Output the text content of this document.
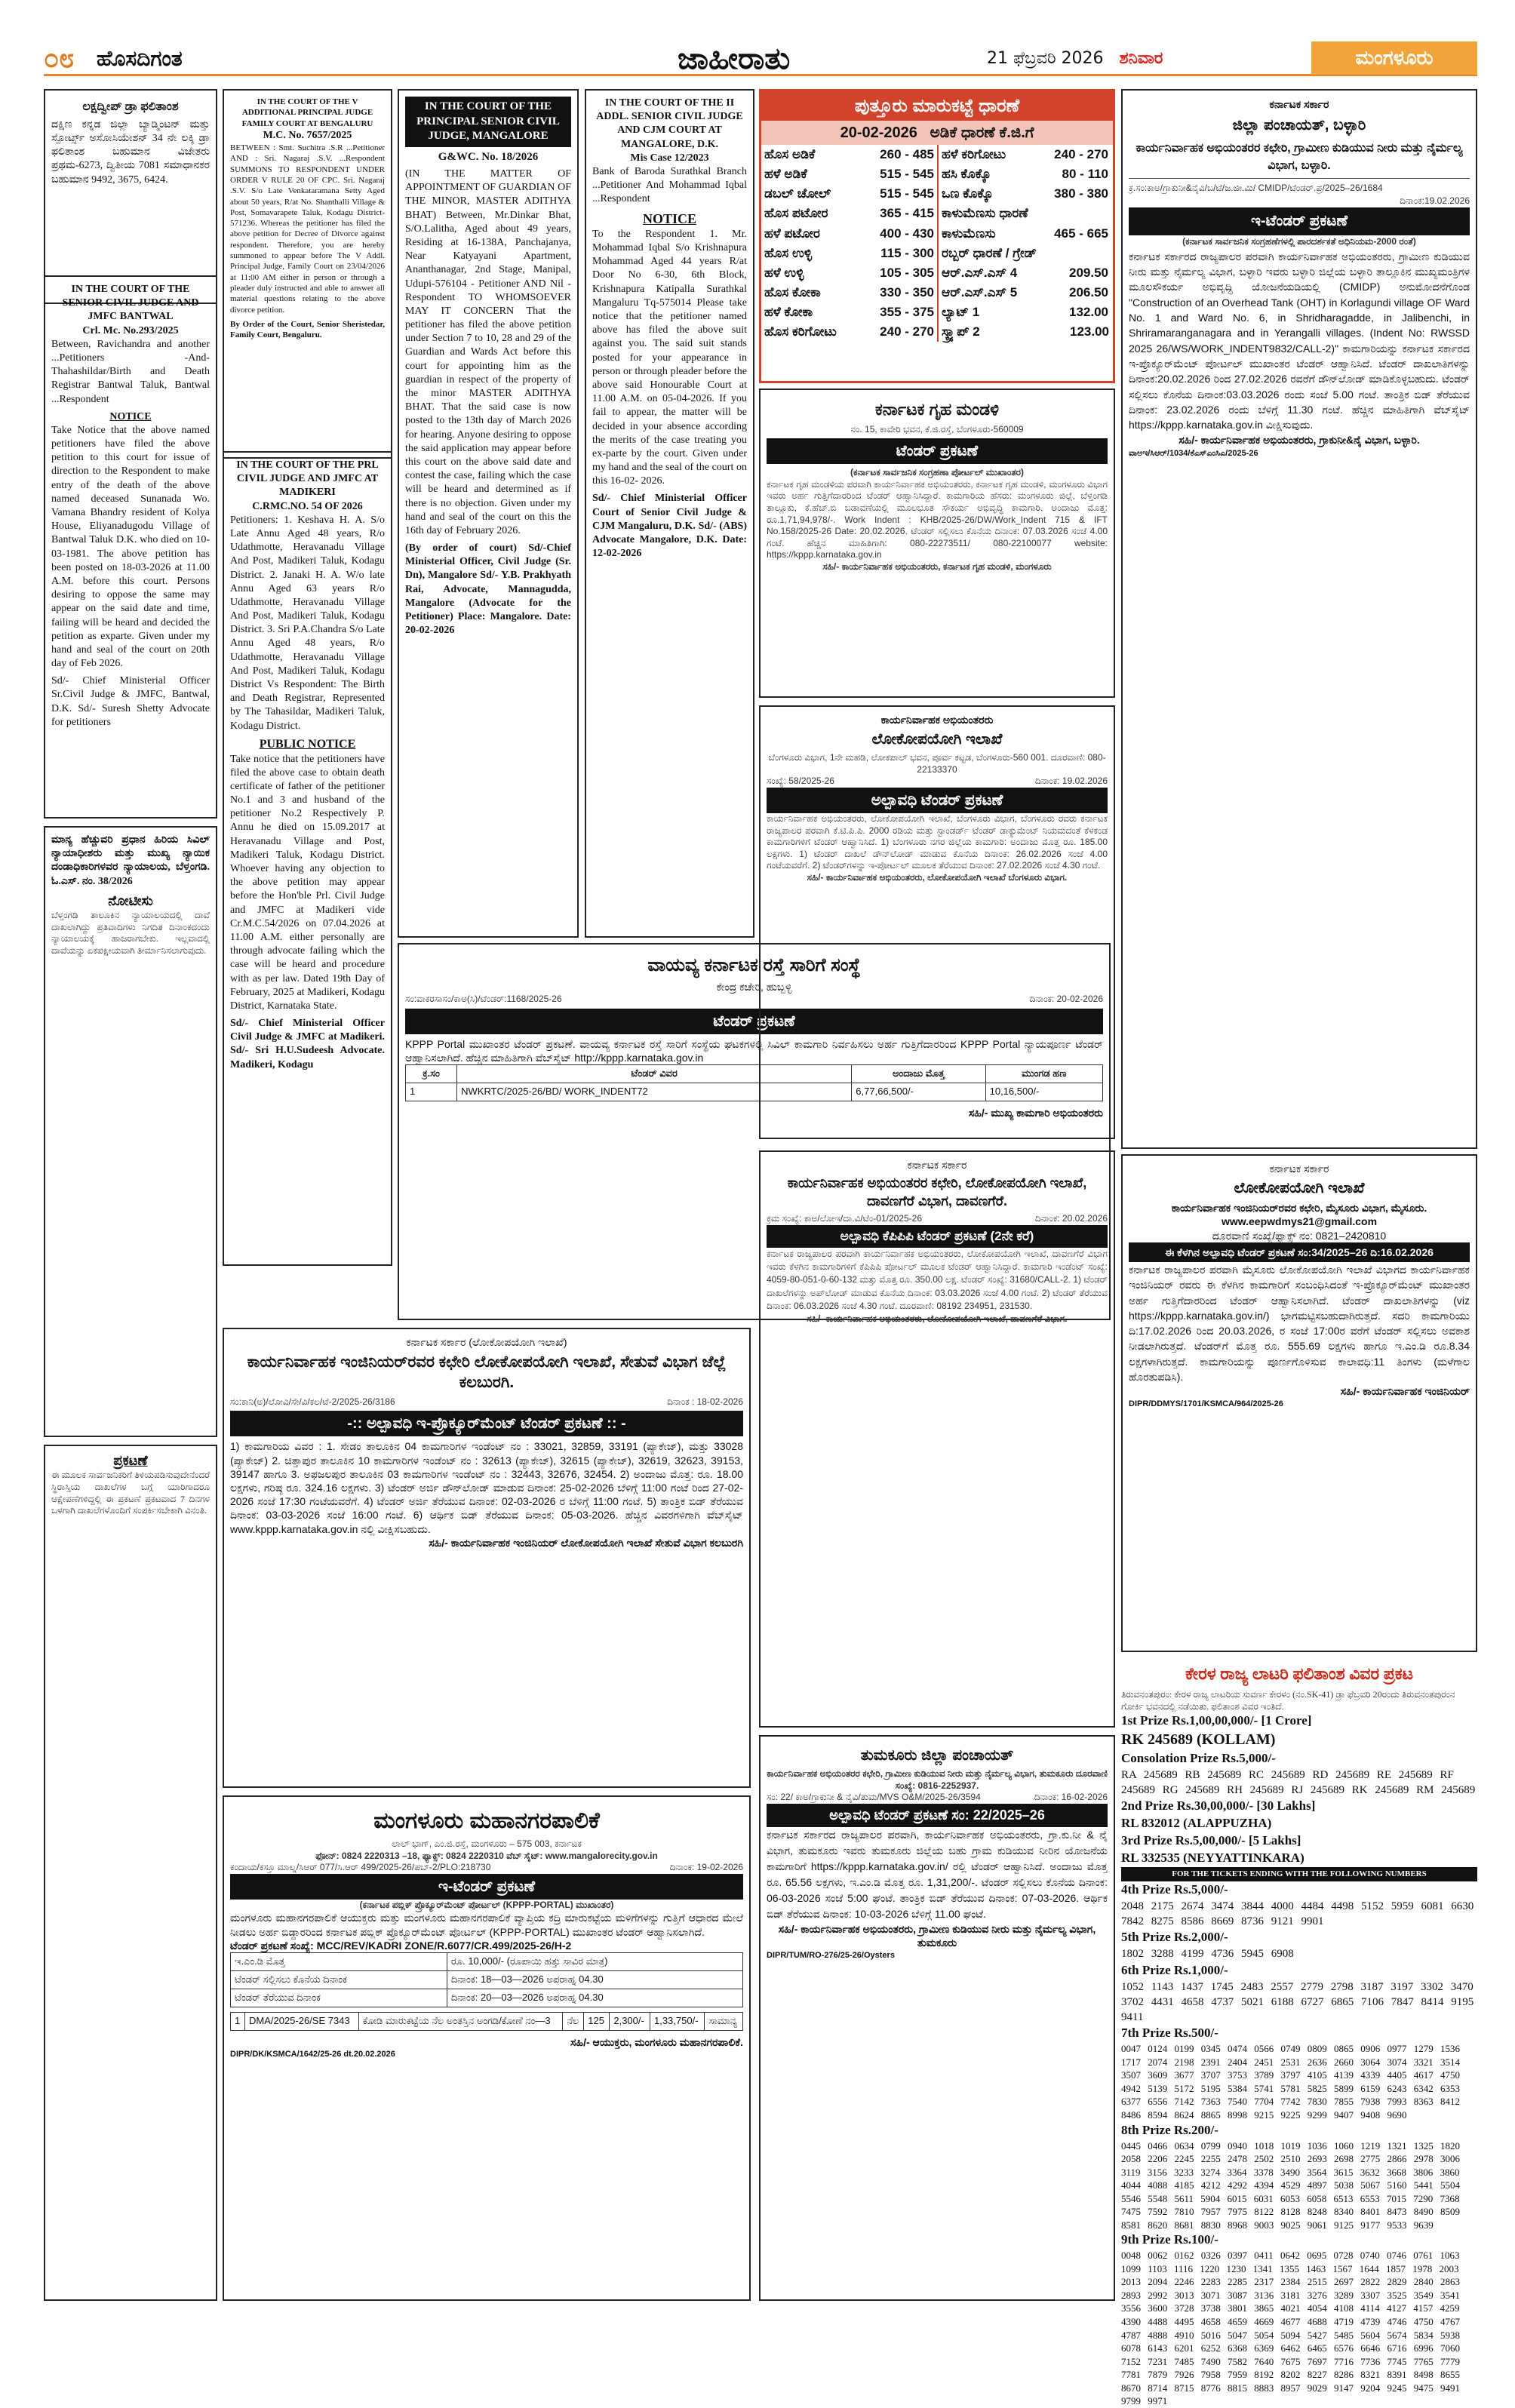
೦೮ ಹೊಸದಿಗಂತ	ಜಾಹೀರಾತು	21 ಫೆಬ್ರವರಿ 2026 ಶನಿವಾರ	ಮಂಗಳೂರು
ಲಕ್ಷದ್ವೀಪ್ ಡ್ರಾ ಫಲಿತಾಂಶ

ದಕ್ಷಿಣ ಕನ್ನಡ ಜಿಲ್ಲಾ ಬ್ಯಾಡ್ಮಿಂಟನ್ ಮತ್ತು ಸ್ಪೋರ್ಟ್ಸ್ ಅಸೋಸಿಯೇಶನ್ 34 ನೇ ಲಕ್ಕಿ ಡ್ರಾ ಫಲಿತಾಂಶ ಬಹುಮಾನ ವಿಜೇತರು ಪ್ರಥಮ-6273, ದ್ವಿತೀಯ 7081 ಸಮಾಧಾನಕರ ಬಹುಮಾನ 9492, 3675, 6424.

IN THE COURT OF THE SENIOR CIVIL JUDGE AND JMFC BANTWAL
Crl. Mc. No.293/2025

Between, Ravichandra and another ...Petitioners -And- Thahashildar/Birth and Death Registrar Bantwal Taluk, Bantwal ...Respondent

NOTICE

Take Notice that the above named petitioners have filed the above petition to this court for issue of direction to the Respondent to make entry of the death of the above named deceased Sunanada Wo. Vamana Bhandry resident of Kolya House, Eliyanadugodu Village of Bantwal Taluk D.K. who died on 10-03-1981. The above petition has been posted on 18-03-2026 at 11.00 A.M. before this court. Persons desiring to oppose the same may appear on the said date and time, failing will be heard and decided the petition as exparte. Given under my hand and seal of the court on 20th day of Feb 2026.

Sd/- Chief Ministerial Officer Sr.Civil Judge & JMFC, Bantwal, D.K. Sd/- Suresh Shetty Advocate for petitioners

ಮಾನ್ಯ ಹೆಚ್ಚುವರಿ ಪ್ರಧಾನ ಹಿರಿಯ ಸಿವಿಲ್ ನ್ಯಾಯಾಧೀಶರು ಮತ್ತು ಮುಖ್ಯ ನ್ಯಾಯಿಕ ದಂಡಾಧಿಕಾರಿಗಳವರ ನ್ಯಾಯಾಲಯ, ಬೆಳ್ತಂಗಡಿ. ಓ.ಎಸ್. ನಂ. 38/2026

ನೋಟೀಸು

ಬೆಳ್ತಂಗಡಿ ತಾಲೂಕಿನ ನ್ಯಾಯಾಲಯದಲ್ಲಿ ದಾವೆ ದಾಖಲಾಗಿದ್ದು ಪ್ರತಿವಾದಿಗಳು ನಿಗದಿತ ದಿನಾಂಕದಂದು ನ್ಯಾಯಾಲಯಕ್ಕೆ ಹಾಜರಾಗಬೇಕು. ಇಲ್ಲವಾದಲ್ಲಿ ದಾವೆಯನ್ನು ಏಕಪಕ್ಷೀಯವಾಗಿ ತೀರ್ಮಾನಿಸಲಾಗುವುದು.

ಪ್ರಕಟಣೆ

ಈ ಮೂಲಕ ಸಾರ್ವಜನಿಕರಿಗೆ ತಿಳಿಯಪಡಿಸುವುದೇನೆಂದರೆ ಸ್ಥಿರಾಸ್ತಿಯ ದಾಖಲೆಗಳ ಬಗ್ಗೆ ಯಾರಿಗಾದರೂ ಆಕ್ಷೇಪಣೆಗಳಿದ್ದಲ್ಲಿ ಈ ಪ್ರಕಟಣೆ ಪ್ರಕಟವಾದ 7 ದಿನಗಳ ಒಳಗಾಗಿ ದಾಖಲೆಗಳೊಂದಿಗೆ ಸಂಪರ್ಕಿಸಬೇಕಾಗಿ ವಿನಂತಿ.

IN THE COURT OF THE V ADDITIONAL PRINCIPAL JUDGE FAMILY COURT AT BENGALURU
M.C. No. 7657/2025

BETWEEN : Smt. Suchitra .S.R ...Petitioner AND : Sri. Nagaraj .S.V. ...Respondent SUMMONS TO RESPONDENT UNDER ORDER V RULE 20 OF CPC. Sri. Nagaraj .S.V. S/o Late Venkataramana Setty Aged about 50 years, R/at No. Shanthalli Village & Post, Somavarapete Taluk, Kodagu District-571236. Whereas the petitioner has filed the above petition for Decree of Divorce against respondent. Therefore, you are hereby summoned to appear before The V Addl. Principal Judge, Family Court on 23/04/2026 at 11:00 AM either in person or through a pleader duly instructed and able to answer all material questions relating to the above divorce petition.

By Order of the Court, Senior Sheristedar, Family Court, Bengaluru.

IN THE COURT OF THE PRL CIVIL JUDGE AND JMFC AT MADIKERI
C.RMC.NO. 54 OF 2026

Petitioners: 1. Keshava H. A. S/o Late Annu Aged 48 years, R/o Udathmotte, Heravanadu Village And Post, Madikeri Taluk, Kodagu District. 2. Janaki H. A. W/o late Annu Aged 63 years R/o Udathmotte, Heravanadu Village And Post, Madikeri Taluk, Kodagu District. 3. Sri P.A.Chandra S/o Late Annu Aged 48 years, R/o Udathmotte, Heravanadu Village And Post, Madikeri Taluk, Kodagu District Vs Respondent: The Birth and Death Registrar, Represented by The Tahasildar, Madikeri Taluk, Kodagu District.

PUBLIC NOTICE

Take notice that the petitioners have filed the above case to obtain death certificate of father of the petitioner No.1 and 3 and husband of the petitioner No.2 Respectively P. Annu he died on 15.09.2017 at Heravanadu Village and Post, Madikeri Taluk, Kodagu District. Whoever having any objection to the above petition may appear before the Hon'ble Prl. Civil Judge and JMFC at Madikeri vide Cr.M.C.54/2026 on 07.04.2026 at 11.00 A.M. either personally are through advocate failing which the case will be heard and procedure with as per law. Dated 19th Day of February, 2025 at Madikeri, Kodagu District, Karnataka State.

Sd/- Chief Ministerial Officer Civil Judge & JMFC at Madikeri. Sd/- Sri H.U.Sudeesh Advocate. Madikeri, Kodagu

IN THE COURT OF THE PRINCIPAL SENIOR CIVIL JUDGE, MANGALORE
G&WC. No. 18/2026

(IN THE MATTER OF APPOINTMENT OF GUARDIAN OF THE MINOR, MASTER ADITHYA BHAT) Between, Mr.Dinkar Bhat, S/O.Lalitha, Aged about 49 years, Residing at 16-138A, Panchajanya, Near Katyayani Apartment, Ananthanagar, 2nd Stage, Manipal, Udupi-576104 - Petitioner AND Nil - Respondent TO WHOMSOEVER MAY IT CONCERN That the petitioner has filed the above petition under Section 7 to 10, 28 and 29 of the Guardian and Wards Act before this court for appointing him as the guardian in respect of the property of the minor MASTER ADITHYA BHAT. That the said case is now posted to the 13th day of March 2026 for hearing. Anyone desiring to oppose the said application may appear before this court on the above said date and contest the case, failing which the case will be heard and determined as if there is no objection. Given under my hand and seal of the court on this the 16th day of February 2026.

(By order of court) Sd/-Chief Ministerial Officer, Civil Judge (Sr. Dn), Mangalore Sd/- Y.B. Prakhyath Rai, Advocate, Mannagudda, Mangalore (Advocate for the Petitioner) Place: Mangalore. Date: 20-02-2026

IN THE COURT OF THE II ADDL. SENIOR CIVIL JUDGE AND CJM COURT AT MANGALORE, D.K.
Mis Case 12/2023

Bank of Baroda Surathkal Branch ...Petitioner And Mohammad Iqbal ...Respondent

NOTICE

To the Respondent 1. Mr. Mohammad Iqbal S/o Krishnapura Mohammad Aged 44 years R/at Door No 6-30, 6th Block, Krishnapura Katipalla Surathkal Mangaluru Tq-575014 Please take notice that the petitioner named above has filed the above suit against you. The said suit stands posted for your appearance in person or through pleader before the above said Honourable Court at 11.00 A.M. on 05-04-2026. If you fail to appear, the matter will be decided in your absence according the merits of the case treating you ex-parte by the court. Given under my hand and the seal of the court on this 16-02- 2026.

Sd/- Chief Ministerial Officer Court of Senior Civil Judge & CJM Mangaluru, D.K. Sd/- (ABS) Advocate Mangalore, D.K. Date: 12-02-2026

ಪುತ್ತೂರು ಮಾರುಕಟ್ಟೆ ಧಾರಣೆ
20-02-2026 ಅಡಿಕೆ ಧಾರಣೆ ಕೆ.ಜಿ.ಗೆ
ಹೊಸ ಅಡಿಕೆ	260 - 485
ಹಳೆ ಅಡಿಕೆ	515 - 545
ಡಬಲ್ ಚೋಲ್	515 - 545
ಹೊಸ ಪಟೋರ	365 - 415
ಹಳೆ ಪಟೋರ	400 - 430
ಹೊಸ ಉಳ್ಳಿ	115 - 300
ಹಳೆ ಉಳ್ಳಿ	105 - 305
ಹೊಸ ಕೋಕಾ	330 - 350
ಹಳೆ ಕೋಕಾ	355 - 375
ಹೊಸ ಕರಿಗೋಟು	240 - 270
ಹಳೆ ಕರಿಗೋಟು	240 - 270
ಹಸಿ ಕೊಕ್ಕೊ	80 - 110
ಒಣ ಕೊಕ್ಕೊ	380 - 380
ಕಾಳುಮೆಣಸು ಧಾರಣೆ	
ಕಾಳುಮೆಣಸು	465 - 665
ರಬ್ಬರ್ ಧಾರಣೆ / ಗ್ರೇಡ್	
ಆರ್.ಎಸ್.ಎಸ್ 4	209.50
ಆರ್.ಎಸ್.ಎಸ್ 5	206.50
ಲ್ಯಾಟ್ 1	132.00
ಸ್ಕ್ರ್ಯಾಪ್ 2	123.00
ಕರ್ನಾಟಕ ಗೃಹ ಮಂಡಳಿ
ನಂ. 15, ಕಾವೇರಿ ಭವನ, ಕೆ.ಜಿ.ರಸ್ತೆ, ಬೆಂಗಳೂರು-560009
ಟೆಂಡರ್ ಪ್ರಕಟಣೆ
(ಕರ್ನಾಟಕ ಸಾರ್ವಜನಿಕ ಸಂಗ್ರಹಣಾ ಪೋರ್ಟಲ್ ಮುಖಾಂತರ)

ಕರ್ನಾಟಕ ಗೃಹ ಮಂಡಳಿಯ ಪರವಾಗಿ ಕಾರ್ಯನಿರ್ವಾಹಕ ಅಭಿಯಂತರರು, ಕರ್ನಾಟಕ ಗೃಹ ಮಂಡಳಿ, ಮಂಗಳೂರು ವಿಭಾಗ ಇವರು ಅರ್ಹ ಗುತ್ತಿಗೆದಾರರಿಂದ ಟೆಂಡರ್ ಆಹ್ವಾನಿಸಿದ್ದಾರೆ. ಕಾಮಗಾರಿಯ ಹೆಸರು: ಮಂಗಳೂರು ಜಿಲ್ಲೆ, ಬೆಳ್ತಂಗಡಿ ತಾಲ್ಲೂಕು, ಕೆ.ಹೆಚ್.ಬಿ ಬಡಾವಣೆಯಲ್ಲಿ ಮೂಲಭೂತ ಸೌಕರ್ಯ ಅಭಿವೃದ್ಧಿ ಕಾಮಗಾರಿ. ಅಂದಾಜು ಮೊತ್ತ: ರೂ.1,71,94,978/-. Work Indent : KHB/2025-26/DW/Work_Indent 715 & IFT No.158/2025-26 Date: 20.02.2026. ಟೆಂಡರ್ ಸಲ್ಲಿಸಲು ಕೊನೆಯ ದಿನಾಂಕ: 07.03.2026 ಸಂಜೆ 4.00 ಗಂಟೆ. ಹೆಚ್ಚಿನ ಮಾಹಿತಿಗಾಗಿ: 080-22273511/ 080-22100077 website: https://kppp.karnataka.gov.in

ಸಹಿ/- ಕಾರ್ಯನಿರ್ವಾಹಕ ಅಭಿಯಂತರರು, ಕರ್ನಾಟಕ ಗೃಹ ಮಂಡಳಿ, ಮಂಗಳೂರು

ಕರ್ನಾಟಕ ಸರ್ಕಾರ
ಜಿಲ್ಲಾ ಪಂಚಾಯತ್, ಬಳ್ಳಾರಿ
ಕಾರ್ಯನಿರ್ವಾಹಕ ಅಭಿಯಂತರರ ಕಛೇರಿ, ಗ್ರಾಮೀಣ ಕುಡಿಯುವ ನೀರು ಮತ್ತು ನೈರ್ಮಲ್ಯ ವಿಭಾಗ, ಬಳ್ಳಾರಿ.
ಕ್ರ.ಸಂ:ಕಾಅ/ಗ್ರಾಕುನೀ&ನೈವಿ/ಬ/ಟೆ/ಜ.ಜೀ.ಮಿ/ CMIDP/ಟೆಂಡರ್.ಪ್ರ/2025–26/1684
ದಿನಾಂಕ:19.02.2026
ಇ-ಟೆಂಡರ್ ಪ್ರಕಟಣೆ
(ಕರ್ನಾಟಕ ಸಾರ್ವಜನಿಕ ಸಂಗ್ರಹಣೆಗಳಲ್ಲಿ ಪಾರದರ್ಶಕತೆ ಅಧಿನಿಯಮ-2000 ರಂತೆ)

ಕರ್ನಾಟಕ ಸರ್ಕಾರದ ರಾಜ್ಯಪಾಲರ ಪರವಾಗಿ ಕಾರ್ಯನಿರ್ವಾಹಕ ಅಭಿಯಂತರರು, ಗ್ರಾಮೀಣ ಕುಡಿಯುವ ನೀರು ಮತ್ತು ನೈರ್ಮಲ್ಯ ವಿಭಾಗ, ಬಳ್ಳಾರಿ ಇವರು ಬಳ್ಳಾರಿ ಜಿಲ್ಲೆಯ ಬಳ್ಳಾರಿ ತಾಲ್ಲೂಕಿನ ಮುಖ್ಯಮಂತ್ರಿಗಳ ಮೂಲಸೌಕರ್ಯ ಅಭಿವೃದ್ಧಿ ಯೋಜನೆಯಡಿಯಲ್ಲಿ (CMIDP) ಅನುಮೋದನೆಗೊಂಡ "Construction of an Overhead Tank (OHT) in Korlagundi village OF Ward No. 1 and Ward No. 6, in Shridharagadde, in Jalibenchi, in Shriramaranganagara and in Yerangalli villages. (Indent No: RWSSD 2025 26/WS/WORK_INDENT9832/CALL-2)" ಕಾಮಗಾರಿಯನ್ನು ಕರ್ನಾಟಕ ಸರ್ಕಾರದ ಇ-ಪ್ರೊಕ್ಯೂರ್‌ಮೆಂಟ್ ಪೋರ್ಟಲ್ ಮುಖಾಂತರ ಟೆಂಡರ್ ಆಹ್ವಾನಿಸಿದೆ. ಟೆಂಡರ್ ದಾಖಲಾತಿಗಳನ್ನು ದಿನಾಂಕ:20.02.2026 ರಿಂದ 27.02.2026 ರವರೆಗೆ ಡೌನ್‌ಲೋಡ್ ಮಾಡಿಕೊಳ್ಳಬಹುದು. ಟೆಂಡರ್ ಸಲ್ಲಿಸಲು ಕೊನೆಯ ದಿನಾಂಕ:03.03.2026 ರಂದು ಸಂಜೆ 5.00 ಗಂಟೆ. ತಾಂತ್ರಿಕ ಬಿಡ್ ತೆರೆಯುವ ದಿನಾಂಕ: 23.02.2026 ರಂದು ಬೆಳಿಗ್ಗೆ 11.30 ಗಂಟೆ. ಹೆಚ್ಚಿನ ಮಾಹಿತಿಗಾಗಿ ವೆಬ್‌ಸೈಟ್ https://kppp.karnataka.gov.in ವೀಕ್ಷಿಸುವುದು.

ಸಹಿ/- ಕಾರ್ಯನಿರ್ವಾಹಕ ಅಭಿಯಂತರರು, ಗ್ರಾಕುನೀ&ನೈ ವಿಭಾಗ, ಬಳ್ಳಾರಿ.

ವಾಅಇ/ಸಿಆರ್/1034/ಕೆಎಸ್ಎಂಸಿಎ/2025-26
ವಾಯವ್ಯ ಕರ್ನಾಟಕ ರಸ್ತೆ ಸಾರಿಗೆ ಸಂಸ್ಥೆ
ಕೇಂದ್ರ ಕಚೇರಿ, ಹುಬ್ಬಳ್ಳಿ
ಸಂ:ವಾಕರಸಾಸಂ/ಕಾಅ(ಸಿ)/ಟೆಂಡರ್:1168/2025-26	ದಿನಾಂಕ: 20-02-2026
ಟೆಂಡರ್ ಪ್ರಕಟಣೆ

KPPP Portal ಮುಖಾಂತರ ಟೆಂಡರ್ ಪ್ರಕಟಣೆ. ವಾಯವ್ಯ ಕರ್ನಾಟಕ ರಸ್ತೆ ಸಾರಿಗೆ ಸಂಸ್ಥೆಯ ಘಟಕಗಳಲ್ಲಿ ಸಿವಿಲ್ ಕಾಮಗಾರಿ ನಿರ್ವಹಿಸಲು ಅರ್ಹ ಗುತ್ತಿಗೆದಾರರಿಂದ KPPP Portal ನ್ಯಾಯಪೂರ್ಣ ಟೆಂಡರ್ ಆಹ್ವಾನಿಸಲಾಗಿದೆ. ಹೆಚ್ಚಿನ ಮಾಹಿತಿಗಾಗಿ ವೆಬ್‌ಸೈಟ್ http://kppp.karnataka.gov.in

ಕ್ರ.ಸಂ	ಟೆಂಡರ್ ವಿವರ	ಅಂದಾಜು ಮೊತ್ತ	ಮುಂಗಡ ಹಣ
1	NWKRTC/2025-26/BD/ WORK_INDENT72	6,77,66,500/-	10,16,500/-

ಸಹಿ/- ಮುಖ್ಯ ಕಾಮಗಾರಿ ಅಭಿಯಂತರರು

ಕಾರ್ಯನಿರ್ವಾಹಕ ಅಭಿಯಂತರರು
ಲೋಕೋಪಯೋಗಿ ಇಲಾಖೆ
ಬೆಂಗಳೂರು ವಿಭಾಗ, 1ನೇ ಮಹಡಿ, ಲೋಕಪಾಲ್ ಭವನ, ಪೂರ್ವ ಕಟ್ಟಡ, ಬೆಂಗಳೂರು-560 001. ದೂರವಾಣಿ: 080-22133370
ಸಂಖ್ಯೆ: 58/2025-26	ದಿನಾಂಕ: 19.02.2026
ಅಲ್ಪಾವಧಿ ಟೆಂಡರ್ ಪ್ರಕಟಣೆ

ಕಾರ್ಯನಿರ್ವಾಹಕ ಅಭಿಯಂತರರು, ಲೋಕೋಪಯೋಗಿ ಇಲಾಖೆ, ಬೆಂಗಳೂರು ವಿಭಾಗ, ಬೆಂಗಳೂರು ರವರು ಕರ್ನಾಟಕ ರಾಜ್ಯಪಾಲರ ಪರವಾಗಿ ಕೆ.ಟಿ.ಪಿ.ಪಿ. 2000 ರಡಿಯ ಮತ್ತು ಸ್ಟಾಂಡರ್ಡ್ ಟೆಂಡರ್ ಡಾಕ್ಯುಮೆಂಟ್ ನಿಯಮದಂತೆ ಕೆಳಕಂಡ ಕಾಮಗಾರಿಗಳಿಗೆ ಟೆಂಡರ್ ಆಹ್ವಾನಿಸಿದೆ. 1) ಬೆಂಗಳೂರು ನಗರ ಜಿಲ್ಲೆಯ ಕಾಮಗಾರಿ: ಅಂದಾಜು ಮೊತ್ತ ರೂ. 185.00 ಲಕ್ಷಗಳು. 1) ಟೆಂಡರ್ ದಾಖಲೆ ಡೌನ್‌ಲೋಡ್ ಮಾಡುವ ಕೊನೆಯ ದಿನಾಂಕ: 26.02.2026 ಸಂಜೆ 4.00 ಗಂಟೆಯವರೆಗೆ. 2) ಟೆಂಡರ್‌ಗಳನ್ನು ಇ-ಪೋರ್ಟಲ್ ಮೂಲಕ ತೆರೆಯುವ ದಿನಾಂಕ: 27.02.2026 ಸಂಜೆ 4.30 ಗಂಟೆ.

ಸಹಿ/- ಕಾರ್ಯನಿರ್ವಾಹಕ ಅಭಿಯಂತರರು, ಲೋಕೋಪಯೋಗಿ ಇಲಾಖೆ ಬೆಂಗಳೂರು ವಿಭಾಗ.

ಕರ್ನಾಟಕ ಸರ್ಕಾರ (ಲೋಕೋಪಯೋಗಿ ಇಲಾಖೆ)
ಕಾರ್ಯನಿರ್ವಾಹಕ ಇಂಜಿನಿಯರ್‌ರವರ ಕಛೇರಿ ಲೋಕೋಪಯೋಗಿ ಇಲಾಖೆ, ಸೇತುವೆ ವಿಭಾಗ ಜೆಲ್ಲೆ ಕಲಬುರಗಿ.
ಸಂ:ಕಾನಿ(ಅ)/ಲೋವಿ/ಸೇ/ವಿ/ಕಲ/ಟೆ-2/2025-26/3186	ದಿನಾಂಕ : 18-02-2026
-:: ಅಲ್ಪಾವಧಿ ಇ-ಪ್ರೊಕ್ಯೂರ್‌ಮೆಂಟ್ ಟೆಂಡರ್ ಪ್ರಕಟಣೆ :: -

1) ಕಾಮಗಾರಿಯ ವಿವರ : 1. ಸೇಡಂ ತಾಲೂಕಿನ 04 ಕಾಮಗಾರಿಗಳ ಇಂಡೆಂಟ್ ನಂ : 33021, 32859, 33191 (ಪ್ಯಾಕೇಜ್), ಮತ್ತು 33028 (ಪ್ಯಾಕೇಜ್) 2. ಚಿತ್ತಾಪುರ ತಾಲೂಕಿನ 10 ಕಾಮಗಾರಿಗಳ ಇಂಡೆಂಟ್ ನಂ : 32613 (ಪ್ಯಾಕೇಜ್), 32615 (ಪ್ಯಾಕೇಜ್), 32619, 32623, 39153, 39147 ಹಾಗೂ 3. ಅಫಜಲಪುರ ತಾಲೂಕಿನ 03 ಕಾಮಗಾರಿಗಳ ಇಂಡೆಂಟ್ ನಂ : 32443, 32676, 32454. 2) ಅಂದಾಜು ಮೊತ್ತ: ರೂ. 18.00 ಲಕ್ಷಗಳು, ಗರಿಷ್ಠ ರೂ. 324.16 ಲಕ್ಷಗಳು. 3) ಟೆಂಡರ್ ಅರ್ಜಿ ಡೌನ್‌ಲೋಡ್ ಮಾಡುವ ದಿನಾಂಕ: 25-02-2026 ಬೆಳಿಗ್ಗೆ 11:00 ಗಂಟೆ ರಿಂದ 27-02-2026 ಸಂಜೆ 17:30 ಗಂಟೆಯವರೆಗೆ. 4) ಟೆಂಡರ್ ಅರ್ಜಿ ತೆರೆಯುವ ದಿನಾಂಕ: 02-03-2026 ರ ಬೆಳಿಗ್ಗೆ 11:00 ಗಂಟೆ. 5) ತಾಂತ್ರಿಕ ಬಿಡ್ ತೆರೆಯುವ ದಿನಾಂಕ: 03-03-2026 ಸಂಜೆ 16:00 ಗಂಟೆ. 6) ಆರ್ಥಿಕ ಬಿಡ್ ತೆರೆಯುವ ದಿನಾಂಕ: 05-03-2026. ಹೆಚ್ಚಿನ ವಿವರಗಳಿಗಾಗಿ ವೆಬ್‌ಸೈಟ್ www.kppp.karnataka.gov.in ನಲ್ಲಿ ವೀಕ್ಷಿಸಬಹುದು.

ಸಹಿ/- ಕಾರ್ಯನಿರ್ವಾಹಕ ಇಂಜಿನಿಯರ್ ಲೋಕೋಪಯೋಗಿ ಇಲಾಖೆ ಸೇತುವೆ ವಿಭಾಗ ಕಲಬುರಗಿ

ಮಂಗಳೂರು ಮಹಾನಗರಪಾಲಿಕೆ
ಲಾಲ್ ಭಾಗ್, ಎಂ.ಜಿ.ರಸ್ತೆ, ಮಂಗಳೂರು – 575 003, ಕರ್ನಾಟಕ
ಫೋನ್: 0824 2220313 –18, ಫ್ಯಾಕ್ಸ್: 0824 2220310 ವೆಬ್ ಸೈಟ್: www.mangalorecity.gov.in
ಕಂದಾಯ/ಕಸ್ತೂ ಮಾಲ್ನ/ಸಿಆರ್ 077/ಸಿ.ಆರ್ 499/2025-26/ಪಬ್-2/PLO:218730	ದಿನಾಂಕ: 19-02-2026
ಇ-ಟೆಂಡರ್ ಪ್ರಕಟಣೆ
(ಕರ್ನಾಟಕ ಪಬ್ಲಿಕ್ ಪ್ರೊಕ್ಯೂರ್‌ಮೆಂಟ್ ಪೋರ್ಟಲ್ (KPPP-PORTAL) ಮುಖಾಂತರ)

ಮಂಗಳೂರು ಮಹಾನಗರಪಾಲಿಕೆ ಆಯುಕ್ತರು ಮತ್ತು ಮಂಗಳೂರು ಮಹಾನಗರಪಾಲಿಕೆ ವ್ಯಾಪ್ತಿಯ ಕದ್ರಿ ಮಾರುಕಟ್ಟೆಯ ಮಳಿಗೆಗಳನ್ನು ಗುತ್ತಿಗೆ ಆಧಾರದ ಮೇಲೆ ನೀಡಲು ಅರ್ಹ ಬಿಡ್ದಾರರಿಂದ ಕರ್ನಾಟಕ ಪಬ್ಲಿಕ್ ಪ್ರೊಕ್ಯೂರ್‌ಮೆಂಟ್ ಪೋರ್ಟಲ್ (KPPP-PORTAL) ಮುಖಾಂತರ ಟೆಂಡರ್ ಆಹ್ವಾನಿಸಲಾಗಿದೆ.

ಟೆಂಡರ್ ಪ್ರಕಟಣೆ ಸಂಖ್ಯೆ: MCC/REV/KADRI ZONE/R.6077/CR.499/2025-26/H-2
ಇ.ಎಂ.ಡಿ ಮೊತ್ತ	ರೂ. 10,000/- (ರೂಪಾಯಿ ಹತ್ತು ಸಾವಿರ ಮಾತ್ರ)
ಟೆಂಡರ್ ಸಲ್ಲಿಸಲು ಕೊನೆಯ ದಿನಾಂಕ	ದಿನಾಂಕ: 18—03—2026 ಅಪರಾಹ್ನ 04.30
ಟೆಂಡರ್ ತೆರೆಯುವ ದಿನಾಂಕ	ದಿನಾಂಕ: 20—03—2026 ಅಪರಾಹ್ನ 04.30
1	DMA/2025-26/SE 7343	ಕೋಡಿ ಮಾರುಕಟ್ಟೆಯ ನೆಲ ಅಂತಸ್ತಿನ ಅಂಗಡಿ/ಕೋಣೆ ನಂ—3	ನೆಲ	125	2,300/-	1,33,750/-	ಸಾಮಾನ್ಯ

ಸಹಿ/- ಆಯುಕ್ತರು, ಮಂಗಳೂರು ಮಹಾನಗರಪಾಲಿಕೆ.

DIPR/DK/KSMCA/1642/25-26 dt.20.02.2026
ಕರ್ನಾಟಕ ಸರ್ಕಾರ
ಕಾರ್ಯನಿರ್ವಾಹಕ ಅಭಿಯಂತರರ ಕಛೇರಿ, ಲೋಕೋಪಯೋಗಿ ಇಲಾಖೆ, ದಾವಣಗೆರೆ ವಿಭಾಗ, ದಾವಣಗೆರೆ.
ಕ್ರಮ ಸಂಖ್ಯೆ: ಕಾಅ/ಲೋಇ/ದಾ.ವಿ/ಟೆಂ-01/2025-26	ದಿನಾಂಕ: 20.02.2026
ಅಲ್ಪಾವಧಿ ಕೆಪಿಪಿಪಿ ಟೆಂಡರ್ ಪ್ರಕಟಣೆ (2ನೇ ಕರೆ)

ಕರ್ನಾಟಕ ರಾಜ್ಯಪಾಲರ ಪರವಾಗಿ ಕಾರ್ಯನಿರ್ವಾಹಕ ಅಭಿಯಂತರರು, ಲೋಕೋಪಯೋಗಿ ಇಲಾಖೆ, ದಾವಣಗೆರೆ ವಿಭಾಗ ಇವರು ಕೆಳಗಿನ ಕಾಮಗಾರಿಗಳಿಗೆ ಕೆಪಿಪಿಪಿ ಪೋರ್ಟಲ್ ಮೂಲಕ ಟೆಂಡರ್ ಆಹ್ವಾನಿಸಿದ್ದಾರೆ. ಕಾಮಗಾರಿ ಇಂಡೆಂಟ್ ಸಂಖ್ಯೆ: 4059-80-051-0-60-132 ಮತ್ತು ಮೊತ್ತ ರೂ. 350.00 ಲಕ್ಷ. ಟೆಂಡರ್ ಸಂಖ್ಯೆ: 31680/CALL-2. 1) ಟೆಂಡರ್ ದಾಖಲೆಗಳನ್ನು ಅಪ್‌ಲೋಡ್ ಮಾಡುವ ಕೊನೆಯ ದಿನಾಂಕ: 03.03.2026 ಸಂಜೆ 4.00 ಗಂಟೆ. 2) ಟೆಂಡರ್ ತೆರೆಯುವ ದಿನಾಂಕ: 06.03.2026 ಸಂಜೆ 4.30 ಗಂಟೆ. ದೂರವಾಣಿ: 08192 234951, 231530.

ಸಹಿ/- ಕಾರ್ಯನಿರ್ವಾಹಕ ಅಭಿಯಂತರರು, ಲೋಕೋಪಯೋಗಿ ಇಲಾಖೆ, ದಾವಣಗೆರೆ ವಿಭಾಗ.

ತುಮಕೂರು ಜಿಲ್ಲಾ ಪಂಚಾಯತ್
ಕಾರ್ಯನಿರ್ವಾಹಕ ಅಭಿಯಂತರರ ಕಛೇರಿ, ಗ್ರಾಮೀಣ ಕುಡಿಯುವ ನೀರು ಮತ್ತು ನೈರ್ಮಲ್ಯ ವಿಭಾಗ, ತುಮಕೂರು ದೂರವಾಣಿ ಸಂಖ್ಯೆ: 0816-2252937.
ಸಂ: 22/ ಕಾಅ/ಗ್ರಾಕುನೀ & ನೈವಿ/ತುಮ/MVS O&M/2025-26/3594	ದಿನಾಂಕ: 16-02-2026
ಅಲ್ಪಾವಧಿ ಟೆಂಡರ್ ಪ್ರಕಟಣೆ ಸಂ: 22/2025–26

ಕರ್ನಾಟಕ ಸರ್ಕಾರದ ರಾಜ್ಯಪಾಲರ ಪರವಾಗಿ, ಕಾರ್ಯನಿರ್ವಾಹಕ ಅಭಿಯಂತರರು, ಗ್ರಾ.ಕು.ನೀ & ನೈ ವಿಭಾಗ, ತುಮಕೂರು ಇವರು ತುಮಕೂರು ಜಿಲ್ಲೆಯ ಬಹು ಗ್ರಾಮ ಕುಡಿಯುವ ನೀರಿನ ಯೋಜನೆಯ ಕಾಮಗಾರಿಗೆ https://kppp.karnataka.gov.in/ ರಲ್ಲಿ ಟೆಂಡರ್ ಆಹ್ವಾನಿಸಿದೆ. ಅಂದಾಜು ಮೊತ್ತ ರೂ. 65.56 ಲಕ್ಷಗಳು, ಇ.ಎಂ.ಡಿ ಮೊತ್ತ ರೂ. 1,31,200/-. ಟೆಂಡರ್ ಸಲ್ಲಿಸಲು ಕೊನೆಯ ದಿನಾಂಕ: 06-03-2026 ಸಂಜೆ 5:00 ಘಂಟೆ. ತಾಂತ್ರಿಕ ಬಿಡ್ ತೆರೆಯುವ ದಿನಾಂಕ: 07-03-2026. ಆರ್ಥಿಕ ಬಿಡ್ ತೆರೆಯುವ ದಿನಾಂಕ: 10-03-2026 ಬೆಳಿಗ್ಗೆ 11.00 ಘಂಟೆ.

ಸಹಿ/- ಕಾರ್ಯನಿರ್ವಾಹಕ ಅಭಿಯಂತರರು, ಗ್ರಾಮೀಣ ಕುಡಿಯುವ ನೀರು ಮತ್ತು ನೈರ್ಮಲ್ಯ ವಿಭಾಗ, ತುಮಕೂರು

DIPR/TUM/RO-276/25-26/Oysters
ಕರ್ನಾಟಕ ಸರ್ಕಾರ
ಲೋಕೋಪಯೋಗಿ ಇಲಾಖೆ
ಕಾರ್ಯನಿರ್ವಾಹಕ ಇಂಜಿನಿಯರ್‌ರವರ ಕಛೇರಿ, ಮೈಸೂರು ವಿಭಾಗ, ಮೈಸೂರು.
www.eepwdmys21@gmail.com
ದೂರವಾಣಿ ಸಂಖ್ಯೆ/ಫ್ಯಾಕ್ಸ್ ನಂ: 0821–2420810
ಈ ಕೆಳಗಿನ ಅಲ್ಪಾವಧಿ ಟೆಂಡರ್ ಪ್ರಕಟಣೆ ಸಂ:34/2025–26 ದಿ:16.02.2026

ಕರ್ನಾಟಕ ರಾಜ್ಯಪಾಲರ ಪರವಾಗಿ ಮೈಸೂರು ಲೋಕೋಪಯೋಗಿ ಇಲಾಖೆ ವಿಭಾಗದ ಕಾರ್ಯನಿರ್ವಾಹಕ ಇಂಜಿನಿಯರ್ ರವರು ಈ ಕೆಳಗಿನ ಕಾಮಗಾರಿಗೆ ಸಂಬಂಧಿಸಿದಂತೆ ಇ-ಪ್ರೊಕ್ಯೂರ್‌ಮೆಂಟ್ ಮುಖಾಂತರ ಅರ್ಹ ಗುತ್ತಿಗೆದಾರರಿಂದ ಟೆಂಡರ್ ಆಹ್ವಾನಿಸಲಾಗಿದೆ. ಟೆಂಡರ್ ದಾಖಲಾತಿಗಳನ್ನು (viz https://kppp.karnataka.gov.in/) ಭಾಗಮಟ್ಟಿಸಬಹುದಾಗಿರುತ್ತದೆ. ಸದರಿ ಕಾಮಗಾರಿಯು ದಿ:17.02.2026 ರಿಂದ 20.03.2026, ರ ಸಂಜೆ 17:00ರ ವರೆಗೆ ಟೆಂಡರ್ ಸಲ್ಲಿಸಲು ಅವಕಾಶ ನೀಡಲಾಗಿರುತ್ತದೆ. ಟೆಂಡರ್‌ಗೆ ಮೊತ್ತ ರೂ. 555.69 ಲಕ್ಷಗಳು ಹಾಗೂ ಇ.ಎಂ.ಡಿ ರೂ.8.34 ಲಕ್ಷಗಳಾಗಿರುತ್ತದೆ. ಕಾಮಗಾರಿಯನ್ನು ಪೂರ್ಣಗೊಳಿಸುವ ಕಾಲಾವಧಿ:11 ತಿಂಗಳು (ಮಳೆಗಾಲ ಹೊರತುಪಡಿಸಿ).

ಸಹಿ/- ಕಾರ್ಯನಿರ್ವಾಹಕ ಇಂಜಿನಿಯರ್

DIPR/DDMYS/1701/KSMCA/964/2025-26
ಕೇರಳ ರಾಜ್ಯ ಲಾಟರಿ ಫಲಿತಾಂಶ ವಿವರ ಪ್ರಕಟ

ತಿರುವನಂತಪುರಂ: ಕೇರಳ ರಾಜ್ಯ ಲಾಟರಿಯ ಸುವರ್ಣ ಕೇರಳಂ (ನಂ.SK-41) ಡ್ರಾ ಫೆಬ್ರವರಿ 20ರಂದು ತಿರುವನಂತಪುರಂನ ಗೋರ್ಕಿ ಭವನದಲ್ಲಿ ನಡೆಯಿತು. ಫಲಿತಾಂಶ ವಿವರ ಇಂತಿದೆ.

1st Prize Rs.1,00,00,000/- [1 Crore]
RK 245689 (KOLLAM)
Consolation Prize Rs.5,000/-
RA 245689 RB 245689 RC 245689 RD 245689 RE 245689 RF 245689 RG 245689 RH 245689 RJ 245689 RK 245689 RM 245689
2nd Prize Rs.30,00,000/- [30 Lakhs]
RL 832012 (ALAPPUZHA)
3rd Prize Rs.5,00,000/- [5 Lakhs]
RL 332535 (NEYYATTINKARA)
FOR THE TICKETS ENDING WITH THE FOLLOWING NUMBERS
4th Prize Rs.5,000/-
2048 2175 2674 3474 3844 4000 4484 4498 5152 5959 6081 6630 7842 8275 8586 8669 8736 9121 9901
5th Prize Rs.2,000/-
1802 3288 4199 4736 5945 6908
6th Prize Rs.1,000/-
1052 1143 1437 1745 2483 2557 2779 2798 3187 3197 3302 3470 3702 4431 4658 4737 5021 6188 6727 6865 7106 7847 8414 9195 9411
7th Prize Rs.500/-
0047 0124 0199 0345 0474 0566 0749 0809 0865 0906 0977 1279 1536 1717 2074 2198 2391 2404 2451 2531 2636 2660 3064 3074 3321 3514 3507 3609 3677 3707 3753 3789 3797 4105 4139 4339 4405 4617 4750 4942 5139 5172 5195 5384 5741 5781 5825 5899 6159 6243 6342 6353 6377 6556 7142 7363 7540 7704 7742 7830 7855 7938 7993 8363 8412 8486 8594 8624 8865 8998 9215 9225 9299 9407 9408 9690
8th Prize Rs.200/-
0445 0466 0634 0799 0940 1018 1019 1036 1060 1219 1321 1325 1820 2058 2206 2245 2255 2478 2502 2510 2693 2698 2775 2866 2978 3006 3119 3156 3233 3274 3364 3378 3490 3564 3615 3632 3668 3806 3860 4044 4088 4185 4212 4292 4394 4529 4897 5038 5067 5160 5441 5504 5546 5548 5611 5904 6015 6031 6053 6058 6513 6553 7015 7290 7368 7475 7592 7810 7957 7975 8122 8128 8248 8340 8401 8473 8490 8509 8581 8620 8681 8830 8968 9003 9025 9061 9125 9177 9533 9639
9th Prize Rs.100/-
0048 0062 0162 0326 0397 0411 0642 0695 0728 0740 0746 0761 1063 1099 1103 1116 1220 1230 1341 1355 1463 1567 1644 1857 1978 2003 2013 2094 2246 2283 2285 2317 2384 2515 2697 2822 2829 2840 2863 2893 2992 3013 3071 3087 3136 3181 3276 3289 3307 3525 3549 3541 3556 3600 3728 3738 3801 3865 4021 4054 4108 4114 4127 4157 4259 4390 4488 4495 4658 4659 4669 4677 4688 4719 4739 4746 4750 4767 4787 4888 4910 5016 5047 5054 5094 5427 5485 5604 5674 5834 5938 6078 6143 6201 6252 6368 6369 6462 6465 6576 6646 6716 6996 7060 7152 7231 7485 7490 7582 7640 7675 7697 7716 7736 7745 7765 7779 7781 7879 7926 7958 7959 8192 8202 8227 8286 8321 8391 8498 8655 8670 8714 8715 8776 8815 8883 8957 9029 9147 9204 9245 9475 9491 9799 9971
